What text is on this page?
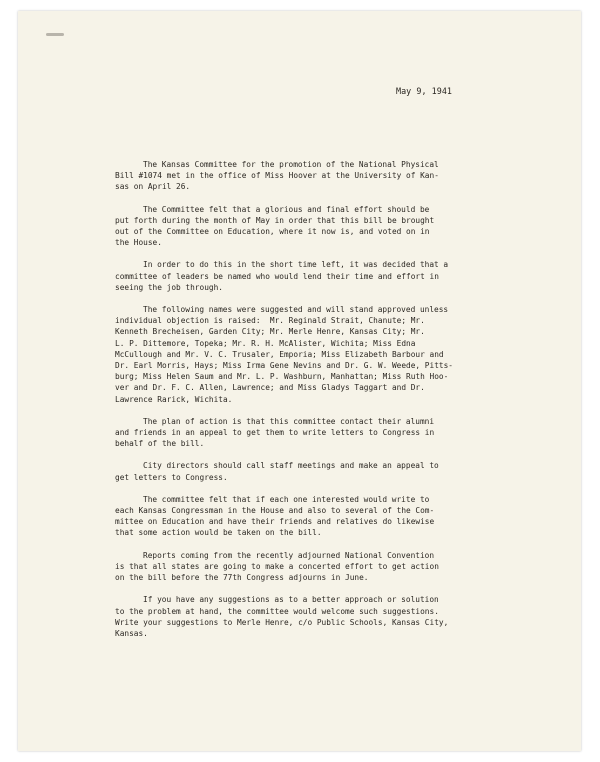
May 9, 1941
The Kansas Committee for the promotion of the National Physical
Bill #1074 met in the office of Miss Hoover at the University of Kan-
sas on April 26.
The Committee felt that a glorious and final effort should be
put forth during the month of May in order that this bill be brought
out of the Committee on Education, where it now is, and voted on in
the House.
In order to do this in the short time left, it was decided that a
committee of leaders be named who would lend their time and effort in
seeing the job through.
The following names were suggested and will stand approved unless
individual objection is raised:  Mr. Reginald Strait, Chanute; Mr.
Kenneth Brecheisen, Garden City; Mr. Merle Henre, Kansas City; Mr.
L. P. Dittemore, Topeka; Mr. R. H. McAlister, Wichita; Miss Edna
McCullough and Mr. V. C. Trusaler, Emporia; Miss Elizabeth Barbour and
Dr. Earl Morris, Hays; Miss Irma Gene Nevins and Dr. G. W. Weede, Pitts-
burg; Miss Helen Saum and Mr. L. P. Washburn, Manhattan; Miss Ruth Hoo-
ver and Dr. F. C. Allen, Lawrence; and Miss Gladys Taggart and Dr.
Lawrence Rarick, Wichita.
The plan of action is that this committee contact their alumni
and friends in an appeal to get them to write letters to Congress in
behalf of the bill.
City directors should call staff meetings and make an appeal to
get letters to Congress.
The committee felt that if each one interested would write to
each Kansas Congressman in the House and also to several of the Com-
mittee on Education and have their friends and relatives do likewise
that some action would be taken on the bill.
Reports coming from the recently adjourned National Convention
is that all states are going to make a concerted effort to get action
on the bill before the 77th Congress adjourns in June.
If you have any suggestions as to a better approach or solution
to the problem at hand, the committee would welcome such suggestions.
Write your suggestions to Merle Henre, c/o Public Schools, Kansas City,
Kansas.
